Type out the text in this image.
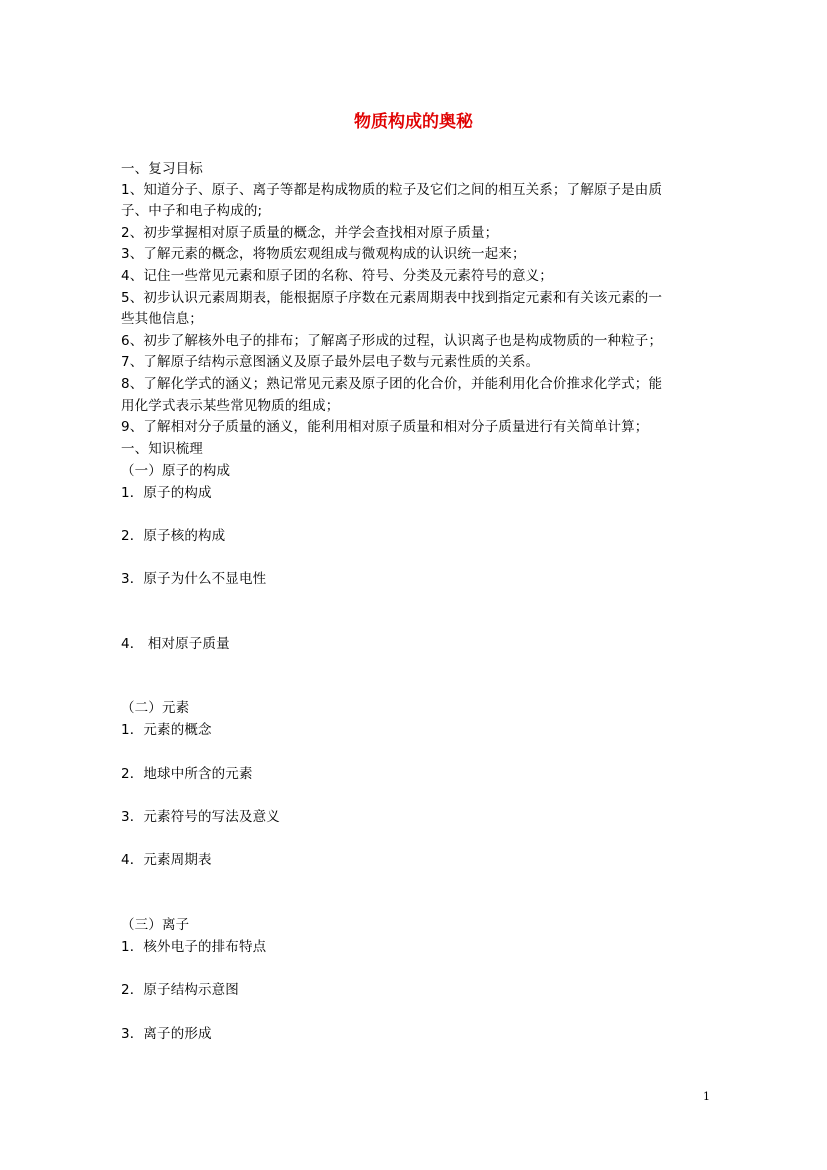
物质构成的奥秘
一、复习目标
1、知道分子、原子、离子等都是构成物质的粒子及它们之间的相互关系；了解原子是由质
子、中子和电子构成的;
2、初步掌握相对原子质量的概念，并学会查找相对原子质量；
3、了解元素的概念，将物质宏观组成与微观构成的认识统一起来；
4、记住一些常见元素和原子团的名称、符号、分类及元素符号的意义；
5、初步认识元素周期表，能根据原子序数在元素周期表中找到指定元素和有关该元素的一
些其他信息；
6、初步了解核外电子的排布；了解离子形成的过程，认识离子也是构成物质的一种粒子；
7、了解原子结构示意图涵义及原子最外层电子数与元素性质的关系。
8、了解化学式的涵义；熟记常见元素及原子团的化合价，并能利用化合价推求化学式；能
用化学式表示某些常见物质的组成；
9、了解相对分子质量的涵义，能利用相对原子质量和相对分子质量进行有关简单计算；
一、知识梳理
（一）原子的构成
1．原子的构成
2．原子核的构成
3．原子为什么不显电性
4． 相对原子质量
（二）元素
1．元素的概念
2．地球中所含的元素
3．元素符号的写法及意义
4．元素周期表
（三）离子
1．核外电子的排布特点
2．原子结构示意图
3．离子的形成
1
